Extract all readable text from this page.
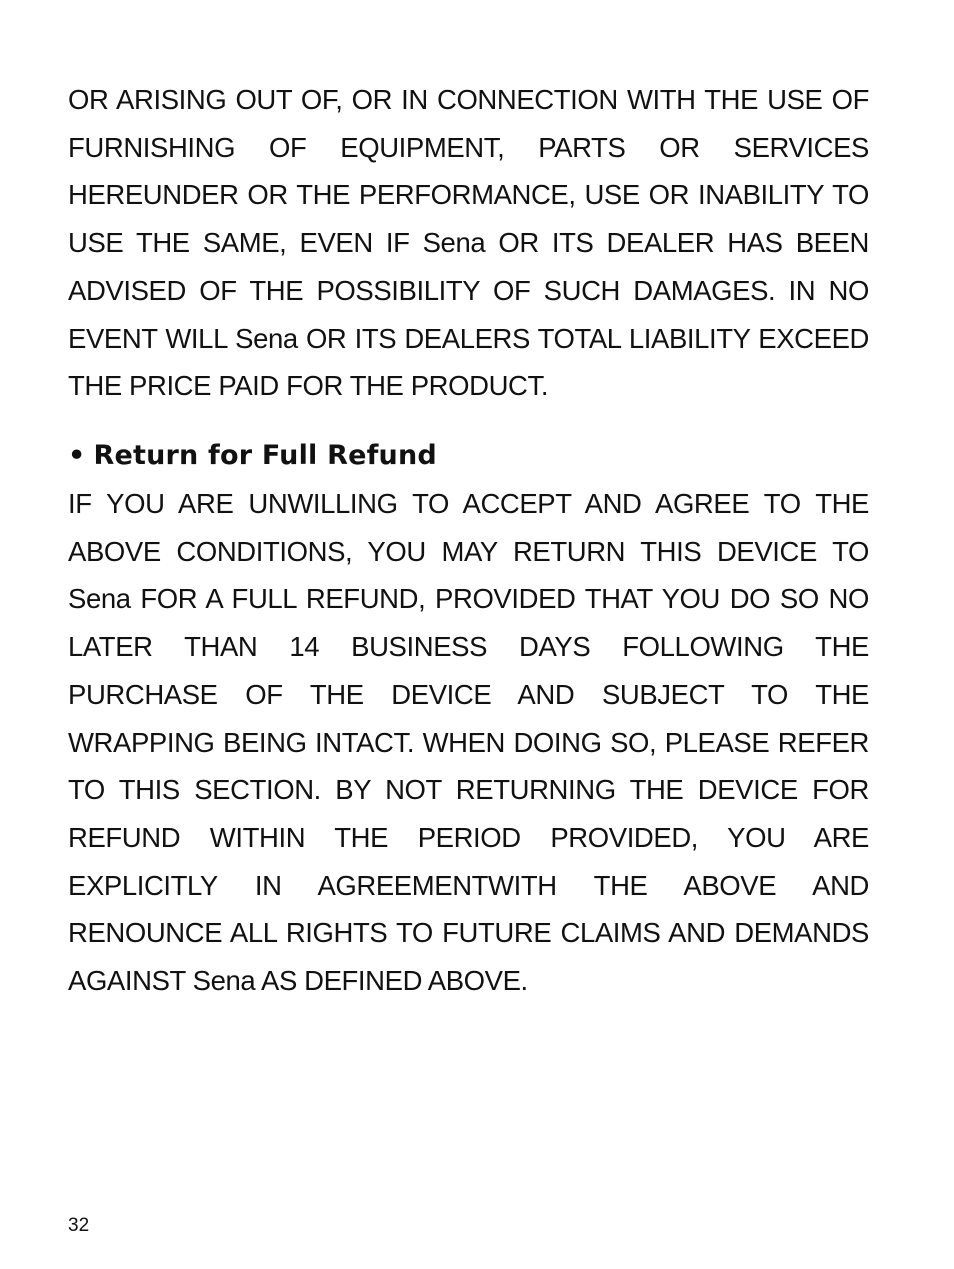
OR ARISING OUT OF, OR IN CONNECTION WITH THE USE OF FURNISHING OF EQUIPMENT, PARTS OR SERVICES HEREUNDER OR THE PERFORMANCE, USE OR INABILITY TO USE THE SAME, EVEN IF Sena OR ITS DEALER HAS BEEN ADVISED OF THE POSSIBILITY OF SUCH DAMAGES. IN NO EVENT WILL Sena OR ITS DEALERS TOTAL LIABILITY EXCEED THE PRICE PAID FOR THE PRODUCT.

• Return for Full Refund

IF YOU ARE UNWILLING TO ACCEPT AND AGREE TO THE ABOVE CONDITIONS, YOU MAY RETURN THIS DEVICE TO Sena FOR A FULL REFUND, PROVIDED THAT YOU DO SO NO LATER THAN 14 BUSINESS DAYS FOLLOWING THE PURCHASE OF THE DEVICE AND SUBJECT TO THE WRAPPING BEING INTACT. WHEN DOING SO, PLEASE REFER TO THIS SECTION. BY NOT RETURNING THE DEVICE FOR REFUND WITHIN THE PERIOD PROVIDED, YOU ARE EXPLICITLY IN AGREEMENTWITH THE ABOVE AND RENOUNCE ALL RIGHTS TO FUTURE CLAIMS AND DEMANDS AGAINST Sena AS DEFINED ABOVE.

32
